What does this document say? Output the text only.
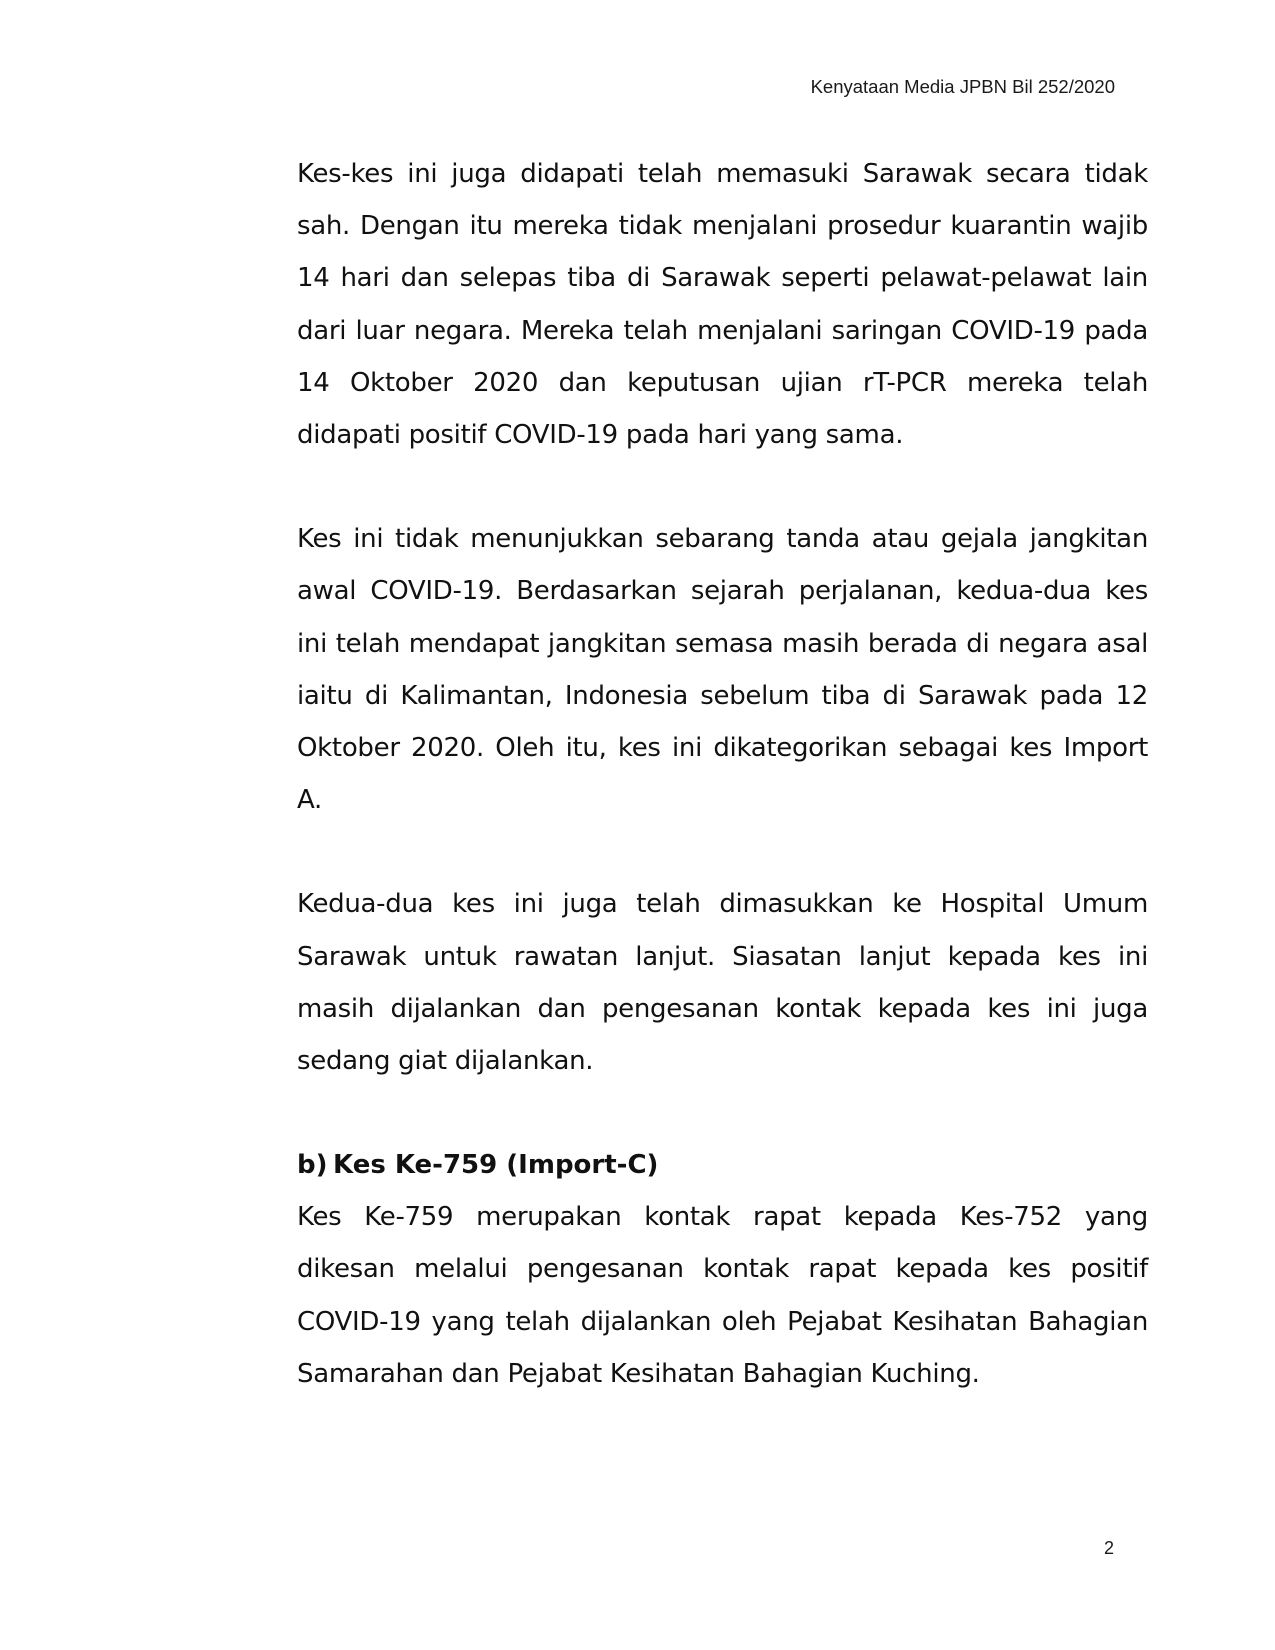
Kenyataan Media JPBN Bil 252/2020

Kes-kes ini juga didapati telah memasuki Sarawak secara tidak sah. Dengan itu mereka tidak menjalani prosedur kuarantin wajib 14 hari dan selepas tiba di Sarawak seperti pelawat-pelawat lain dari luar negara. Mereka telah menjalani saringan COVID-19 pada 14 Oktober 2020 dan keputusan ujian rT-PCR mereka telah didapati positif COVID-19 pada hari yang sama.

Kes ini tidak menunjukkan sebarang tanda atau gejala jangkitan awal COVID-19. Berdasarkan sejarah perjalanan, kedua-dua kes ini telah mendapat jangkitan semasa masih berada di negara asal iaitu di Kalimantan, Indonesia sebelum tiba di Sarawak pada 12 Oktober 2020. Oleh itu, kes ini dikategorikan sebagai kes Import A.

Kedua-dua kes ini juga telah dimasukkan ke Hospital Umum Sarawak untuk rawatan lanjut. Siasatan lanjut kepada kes ini masih dijalankan dan pengesanan kontak kepada kes ini juga sedang giat dijalankan.

b) Kes Ke-759 (Import-C)

Kes Ke-759 merupakan kontak rapat kepada Kes-752 yang dikesan melalui pengesanan kontak rapat kepada kes positif COVID-19 yang telah dijalankan oleh Pejabat Kesihatan Bahagian Samarahan dan Pejabat Kesihatan Bahagian Kuching.

2
